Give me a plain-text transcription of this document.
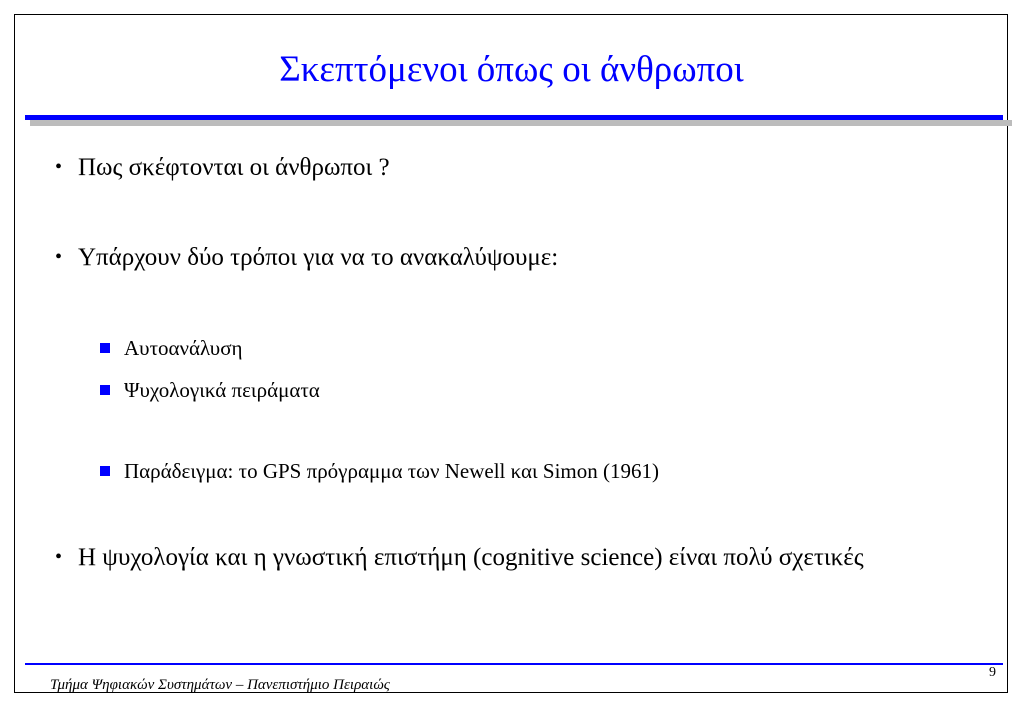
Σκεπτόμενοι όπως οι άνθρωποι
• Πως σκέφτονται οι άνθρωποι ?
• Υπάρχουν δύο τρόποι για να το ανακαλύψουμε:
Αυτοανάλυση
Ψυχολογικά πειράματα
Παράδειγμα: το GPS πρόγραμμα των Newell και Simon (1961)
• Η ψυχολογία και η γνωστική επιστήμη (cognitive science) είναι πολύ σχετικές
Τμήμα Ψηφιακών Συστημάτων – Πανεπιστήμιο Πειραιώς
9
